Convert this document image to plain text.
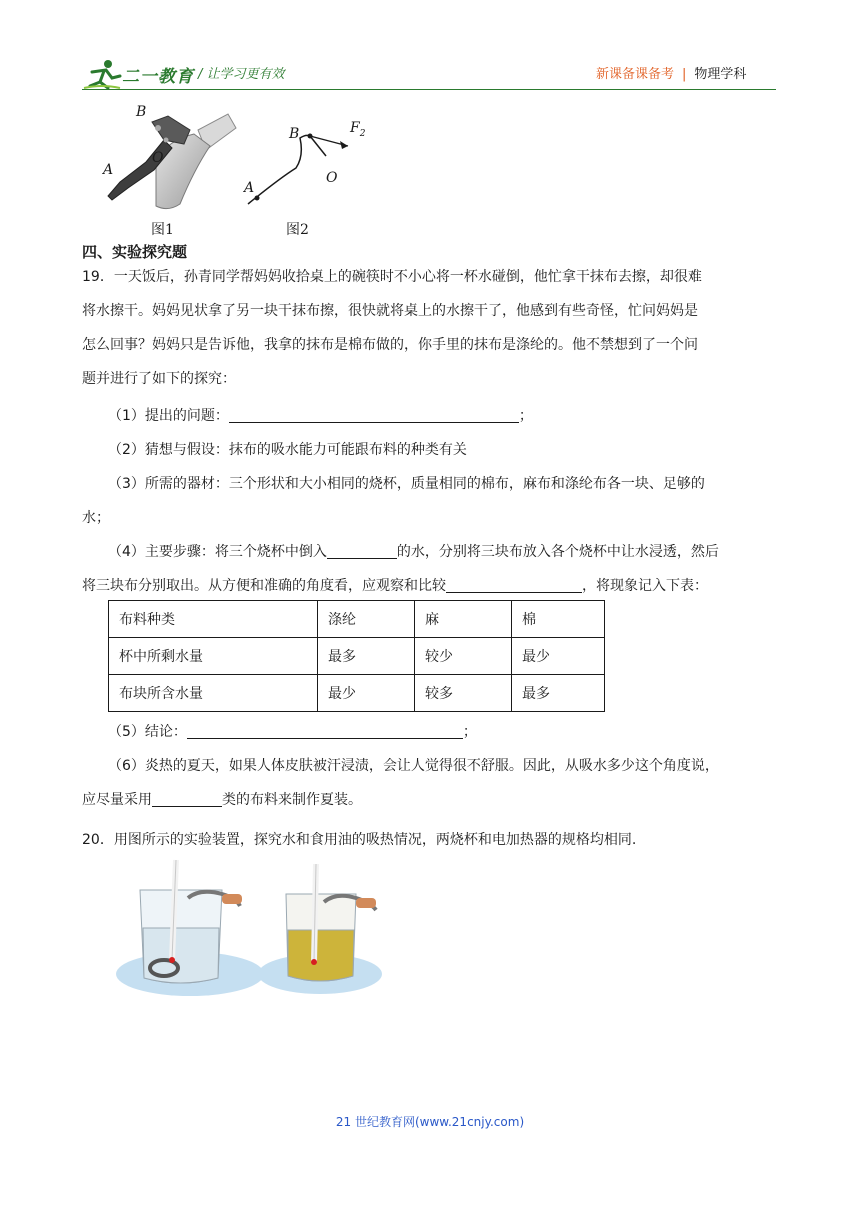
二一教育 / 让学习更有效	新课备课备考 | 物理学科
B
O
A
图1
B	$F_2$
O
A
图2
四、实验探究题
19．一天饭后，孙青同学帮妈妈收拾桌上的碗筷时不小心将一杯水碰倒，他忙拿干抹布去擦，却很难
将水擦干。妈妈见状拿了另一块干抹布擦，很快就将桌上的水擦干了，他感到有些奇怪，忙问妈妈是
怎么回事？妈妈只是告诉他，我拿的抹布是棉布做的，你手里的抹布是涤纶的。他不禁想到了一个问
题并进行了如下的探究：
（1）提出的问题：	；
（2）猜想与假设：抹布的吸水能力可能跟布料的种类有关
（3）所需的器材：三个形状和大小相同的烧杯，质量相同的棉布，麻布和涤纶布各一块、足够的
水；
（4）主要步骤：将三个烧杯中倒入	的水，分别将三块布放入各个烧杯中让水浸透，然后
将三块布分别取出。从方便和准确的角度看，应观察和比较	，将现象记入下表：
布料种类	涤纶	麻	棉
杯中所剩水量	最多	较少	最少
布块所含水量	最少	较多	最多
（5）结论：	；
（6）炎热的夏天，如果人体皮肤被汗浸渍，会让人觉得很不舒服。因此，从吸水多少这个角度说，
应尽量采用	类的布料来制作夏装。
20．用图所示的实验装置，探究水和食用油的吸热情况，两烧杯和电加热器的规格均相同.
21 世纪教育网(www.21cnjy.com)
